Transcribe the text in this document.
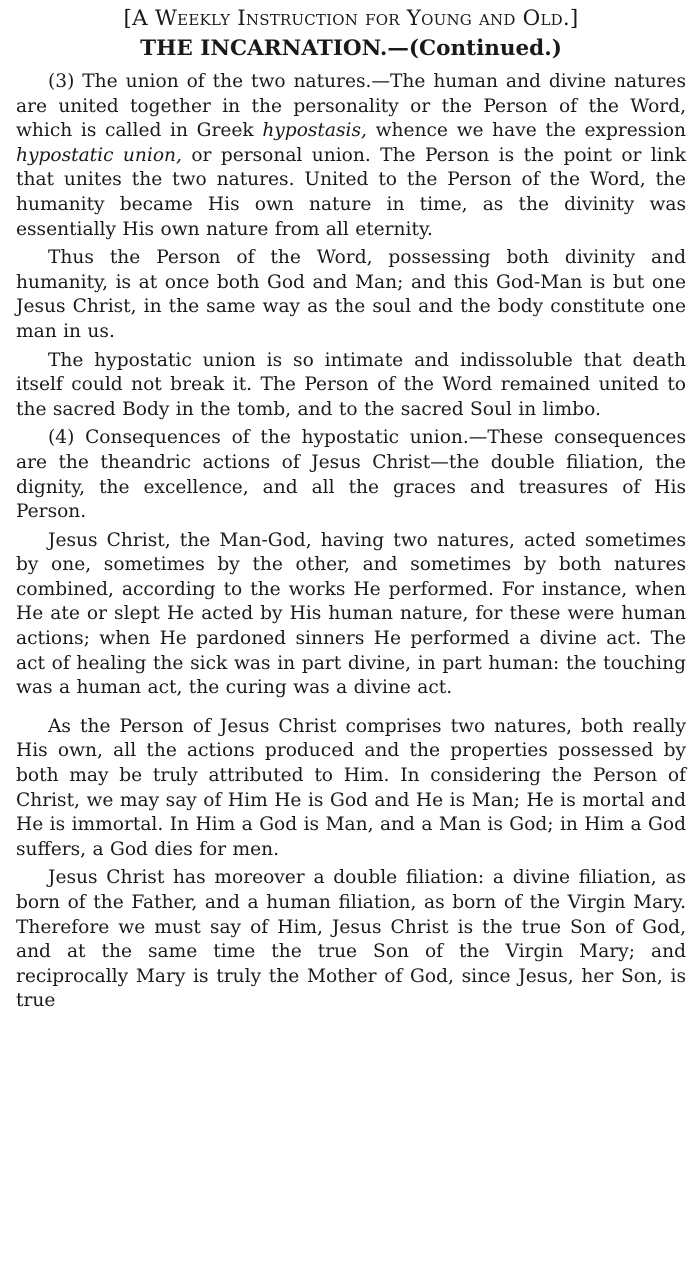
[A Weekly Instruction for Young and Old.]
THE INCARNATION.—(Continued.)

(3) The union of the two natures.—The human and divine natures are united together in the personality or the Person of the Word, which is called in Greek hypostasis, whence we have the expression hypostatic union, or personal union. The Person is the point or link that unites the two natures. United to the Person of the Word, the humanity became His own nature in time, as the divinity was essentially His own nature from all eternity.

Thus the Person of the Word, possessing both divinity and humanity, is at once both God and Man; and this God-Man is but one Jesus Christ, in the same way as the soul and the body constitute one man in us.

The hypostatic union is so intimate and indissoluble that death itself could not break it. The Person of the Word remained united to the sacred Body in the tomb, and to the sacred Soul in limbo.

(4) Consequences of the hypostatic union.—These consequences are the theandric actions of Jesus Christ—the double filiation, the dignity, the excellence, and all the graces and treasures of His Person.

Jesus Christ, the Man-God, having two natures, acted sometimes by one, sometimes by the other, and sometimes by both natures combined, according to the works He performed. For instance, when He ate or slept He acted by His human nature, for these were human actions; when He pardoned sinners He performed a divine act. The act of healing the sick was in part divine, in part human: the touching was a human act, the curing was a divine act.

As the Person of Jesus Christ comprises two natures, both really His own, all the actions produced and the properties possessed by both may be truly attributed to Him. In considering the Person of Christ, we may say of Him He is God and He is Man; He is mortal and He is immortal. In Him a God is Man, and a Man is God; in Him a God suffers, a God dies for men.

Jesus Christ has moreover a double filiation: a divine filiation, as born of the Father, and a human filiation, as born of the Virgin Mary. Therefore we must say of Him, Jesus Christ is the true Son of God, and at the same time the true Son of the Virgin Mary; and reciprocally Mary is truly the Mother of God, since Jesus, her Son, is true
